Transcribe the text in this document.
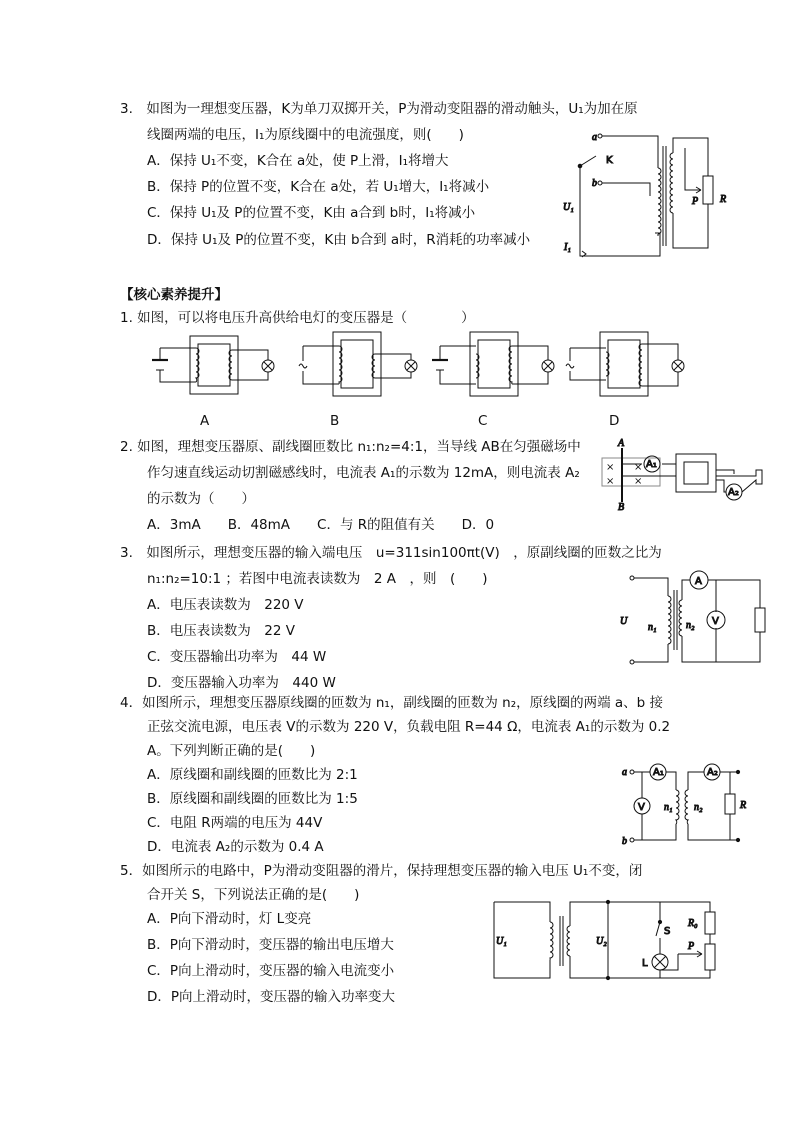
3.　如图为一理想变压器，K为单刀双掷开关，P为滑动变阻器的滑动触头，U₁为加在原
线圈两端的电压，I₁为原线圈中的电流强度，则(　　)
A．保持 U₁不变，K合在 a处，使 P上滑，I₁将增大
B．保持 P的位置不变，K合在 a处，若 U₁增大，I₁将减小
C．保持 U₁及 P的位置不变，K由 a合到 b时，I₁将减小
D．保持 U₁及 P的位置不变，K由 b合到 a时，R消耗的功率减小
a
b
K
U₁
I₁
P R
【核心素养提升】
1. 如图，可以将电压升高供给电灯的变压器是（　　　　）
A	B	C	D
2. 如图，理想变压器原、副线圈匝数比 n₁:n₂=4:1，当导线 AB在匀强磁场中
作匀速直线运动切割磁感线时，电流表 A₁的示数为 12mA，则电流表 A₂
的示数为（　　）
A．3mA　　B．48mA　　C．与 R的阻值有关　　D．0
× ×
× ×
A
B
A₁
A₂
3.　如图所示，理想变压器的输入端电压　u=311sin100πt(V)　，原副线圈的匝数之比为
n₁:n₂=10:1 ；若图中电流表读数为　2 A　，则　(　　)
A．电压表读数为　220 V
B．电压表读数为　22 V
C．变压器输出功率为　44 W
D．变压器输入功率为　440 W
U
n₁	n₂
A
V
4．如图所示，理想变压器原线圈的匝数为 n₁，副线圈的匝数为 n₂，原线圈的两端 a、b 接
正弦交流电源，电压表 V的示数为 220 V，负载电阻 R=44 Ω，电流表 A₁的示数为 0.2
A。下列判断正确的是(　　)
A．原线圈和副线圈的匝数比为 2:1
B．原线圈和副线圈的匝数比为 1:5
C．电阻 R两端的电压为 44V
D．电流表 A₂的示数为 0.4 A
a
b
A₁	A₂
V n₁ n₂	R
5．如图所示的电路中，P为滑动变阻器的滑片，保持理想变压器的输入电压 U₁不变，闭
合开关 S，下列说法正确的是(　　)
A．P向下滑动时，灯 L变亮
B．P向下滑动时，变压器的输出电压增大
C．P向上滑动时，变压器的输入电流变小
D．P向上滑动时，变压器的输入功率变大
U₁	U₂
S
L
R₀
P
